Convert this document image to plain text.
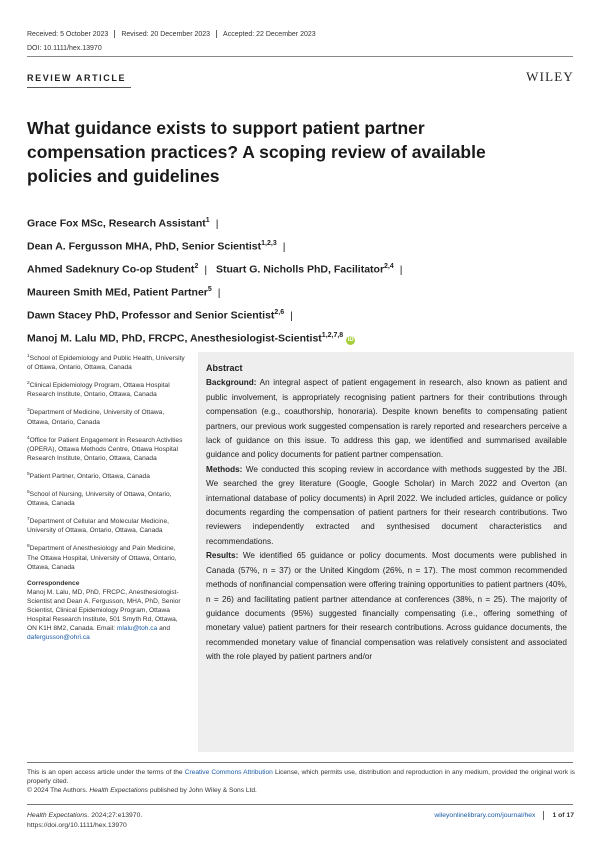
Received: 5 October 2023 Revised: 20 December 2023 Accepted: 22 December 2023
DOI: 10.1111/hex.13970
REVIEW ARTICLE	WILEY
What guidance exists to support patient partner compensation practices? A scoping review of available policies and guidelines
Grace Fox MSc, Research Assistant$^1$ |
Dean A. Fergusson MHA, PhD, Senior Scientist$^{1,2,3}$ |
Ahmed Sadeknury Co-op Student$^2$ | Stuart G. Nicholls PhD, Facilitator$^{2,4}$ |
Maureen Smith MEd, Patient Partner$^5$ |
Dawn Stacey PhD, Professor and Senior Scientist$^{2,6}$ |
Manoj M. Lalu MD, PhD, FRCPC, Anesthesiologist-Scientist$^{1,2,7,8}$iD

$^1$School of Epidemiology and Public Health, University of Ottawa, Ontario, Ottawa, Canada

$^2$Clinical Epidemiology Program, Ottawa Hospital Research Institute, Ontario, Ottawa, Canada

$^3$Department of Medicine, University of Ottawa, Ottawa, Ontario, Canada

$^4$Office for Patient Engagement in Research Activities (OPERA), Ottawa Methods Centre, Ottawa Hospital Research Institute, Ontario, Ottawa, Canada

$^5$Patient Partner, Ontario, Ottawa, Canada

$^6$School of Nursing, University of Ottawa, Ontario, Ottawa, Canada

$^7$Department of Cellular and Molecular Medicine, University of Ottawa, Ontario, Ottawa, Canada

$^8$Department of Anesthesiology and Pain Medicine, The Ottawa Hospital, University of Ottawa, Ontario, Ottawa, Canada

Correspondence
Manoj M. Lalu, MD, PhD, FRCPC, Anesthesiologist-Scientist and Dean A. Fergusson, MHA, PhD, Senior Scientist, Clinical Epidemiology Program, Ottawa Hospital Research Institute, 501 Smyth Rd, Ottawa, ON K1H 8M2, Canada. Email: mlalu@toh.ca and dafergusson@ohri.ca
Abstract

Background: An integral aspect of patient engagement in research, also known as patient and public involvement, is appropriately recognising patient partners for their contributions through compensation (e.g., coauthorship, honoraria). Despite known benefits to compensating patient partners, our previous work suggested compensation is rarely reported and researchers perceive a lack of guidance on this issue. To address this gap, we identified and summarised available guidance and policy documents for patient partner compensation.

Methods: We conducted this scoping review in accordance with methods suggested by the JBI. We searched the grey literature (Google, Google Scholar) in March 2022 and Overton (an international database of policy documents) in April 2022. We included articles, guidance or policy documents regarding the compensation of patient partners for their research contributions. Two reviewers independently extracted and synthesised document characteristics and recommendations.

Results: We identified 65 guidance or policy documents. Most documents were published in Canada (57%, n = 37) or the United Kingdom (26%, n = 17). The most common recommended methods of nonfinancial compensation were offering training opportunities to patient partners (40%, n = 26) and facilitating patient partner attendance at conferences (38%, n = 25). The majority of guidance documents (95%) suggested financially compensating (i.e., offering something of monetary value) patient partners for their research contributions. Across guidance documents, the recommended monetary value of financial compensation was relatively consistent and associated with the role played by patient partners and/or

This is an open access article under the terms of the Creative Commons Attribution License, which permits use, distribution and reproduction in any medium, provided the original work is properly cited.
© 2024 The Authors. Health Expectations published by John Wiley & Sons Ltd.
Health Expectations. 2024;27:e13970.
https://doi.org/10.1111/hex.13970
wileyonlinelibrary.com/journal/hex	1 of 17
